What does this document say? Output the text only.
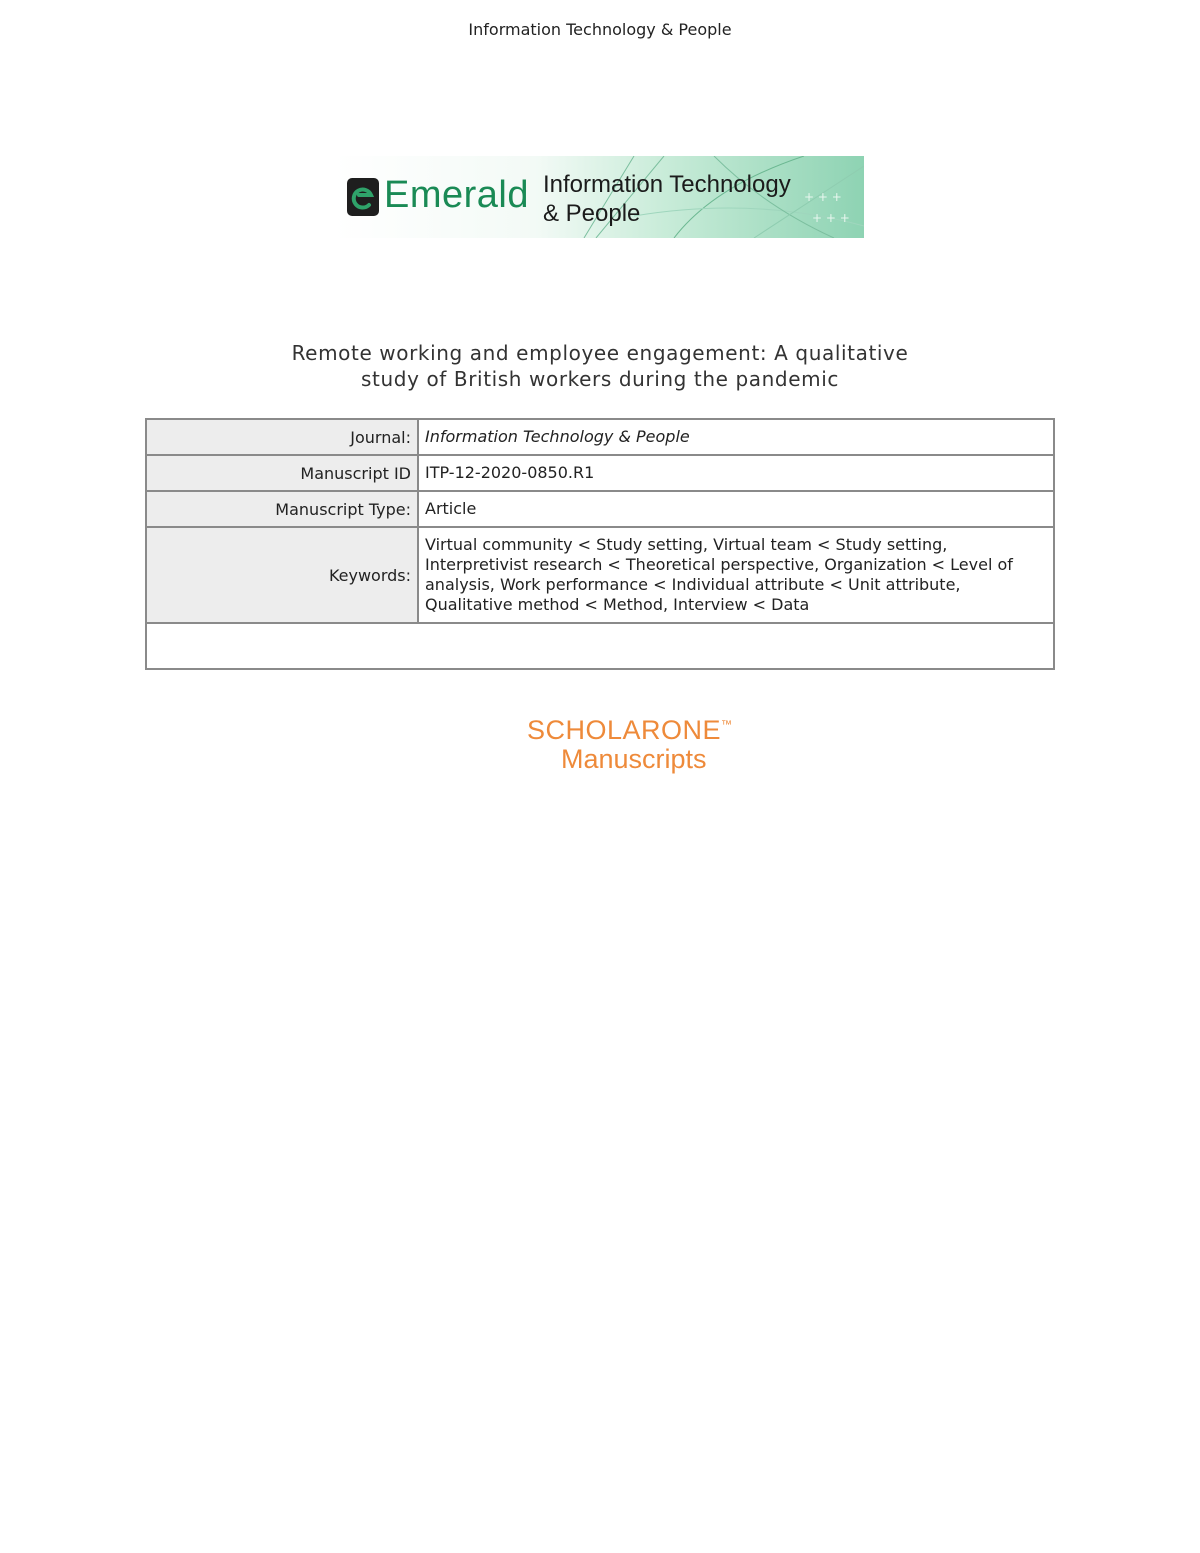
Information Technology & People
+ + +
+ + +
Emerald Information Technology
& People
Remote working and employee engagement: A qualitative
study of British workers during the pandemic
Journal:	Information Technology & People
Manuscript ID	ITP-12-2020-0850.R1
Manuscript Type:	Article
Keywords:	Virtual community < Study setting, Virtual team < Study setting, Interpretivist research < Theoretical perspective, Organization < Level of analysis, Work performance < Individual attribute < Unit attribute, Qualitative method < Method, Interview < Data

SCHOLARONE™
Manuscripts
